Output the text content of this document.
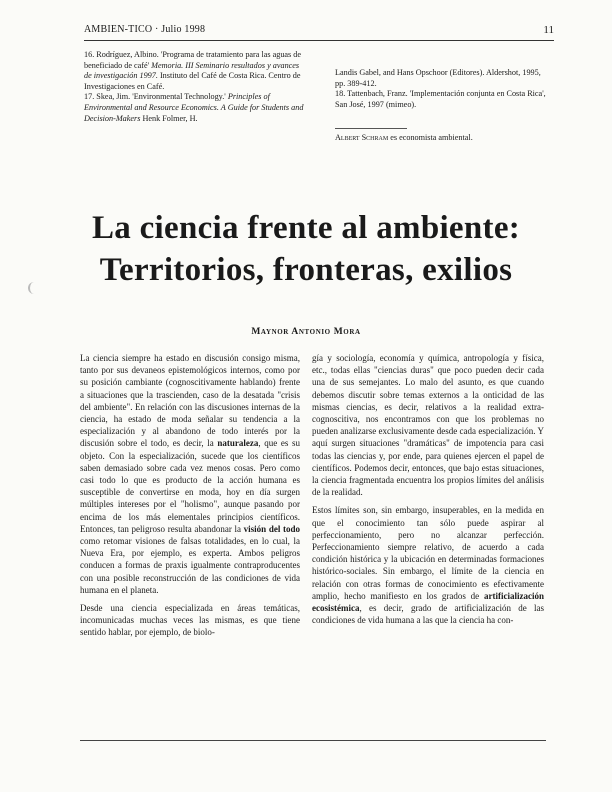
AMBIEN-TICO · Julio 1998	11

16. Rodríguez, Albino. 'Programa de tratamiento para las aguas de beneficiado de café' Memoria. III Seminario resultados y avances de investigación 1997. Instituto del Café de Costa Rica. Centro de Investigaciones en Café.

17. Skea, Jim. 'Environmental Technology.' Principles of Environmental and Resource Economics. A Guide for Students and Decision-Makers Henk Folmer, H.

Landis Gabel, and Hans Opschoor (Editores). Aldershot, 1995, pp. 389-412.

18. Tattenbach, Franz. 'Implementación conjunta en Costa Rica', San José, 1997 (mimeo).

Albert Schram es economista ambiental.
La ciencia frente al ambiente:
Territorios, fronteras, exilios
Maynor Antonio Mora

La ciencia siempre ha estado en discusión consigo misma, tanto por sus devaneos epistemológicos internos, como por su posición cambiante (cognoscitivamente hablando) frente a situaciones que la trascienden, caso de la desatada "crisis del ambiente". En relación con las discusiones internas de la ciencia, ha estado de moda señalar su tendencia a la especialización y al abandono de todo interés por la discusión sobre el todo, es decir, la naturaleza, que es su objeto. Con la especialización, sucede que los científicos saben demasiado sobre cada vez menos cosas. Pero como casi todo lo que es producto de la acción humana es susceptible de convertirse en moda, hoy en día surgen múltiples intereses por el "holismo", aunque pasando por encima de los más elementales principios científicos. Entonces, tan peligroso resulta abandonar la visión del todo como retomar visiones de falsas totalidades, en lo cual, la Nueva Era, por ejemplo, es experta. Ambos peligros conducen a formas de praxis igualmente contraproducentes con una posible reconstrucción de las condiciones de vida humana en el planeta.

Desde una ciencia especializada en áreas temáticas, incomunicadas muchas veces las mismas, es que tiene sentido hablar, por ejemplo, de biolo-

gía y sociología, economía y química, antropología y física, etc., todas ellas "ciencias duras" que poco pueden decir cada una de sus semejantes. Lo malo del asunto, es que cuando debemos discutir sobre temas externos a la onticidad de las mismas ciencias, es decir, relativos a la realidad extra-cognoscitiva, nos encontramos con que los problemas no pueden analizarse exclusivamente desde cada especialización. Y aquí surgen situaciones "dramáticas" de impotencia para casi todas las ciencias y, por ende, para quienes ejercen el papel de científicos. Podemos decir, entonces, que bajo estas situaciones, la ciencia fragmentada encuentra los propios límites del análisis de la realidad.

Estos límites son, sin embargo, insuperables, en la medida en que el conocimiento tan sólo puede aspirar al perfeccionamiento, pero no alcanzar perfección. Perfeccionamiento siempre relativo, de acuerdo a cada condición histórica y la ubicación en determinadas formaciones histórico-sociales. Sin embargo, el límite de la ciencia en relación con otras formas de conocimiento es efectivamente amplio, hecho manifiesto en los grados de artificialización ecosistémica, es decir, grado de artificialización de las condiciones de vida humana a las que la ciencia ha con-
